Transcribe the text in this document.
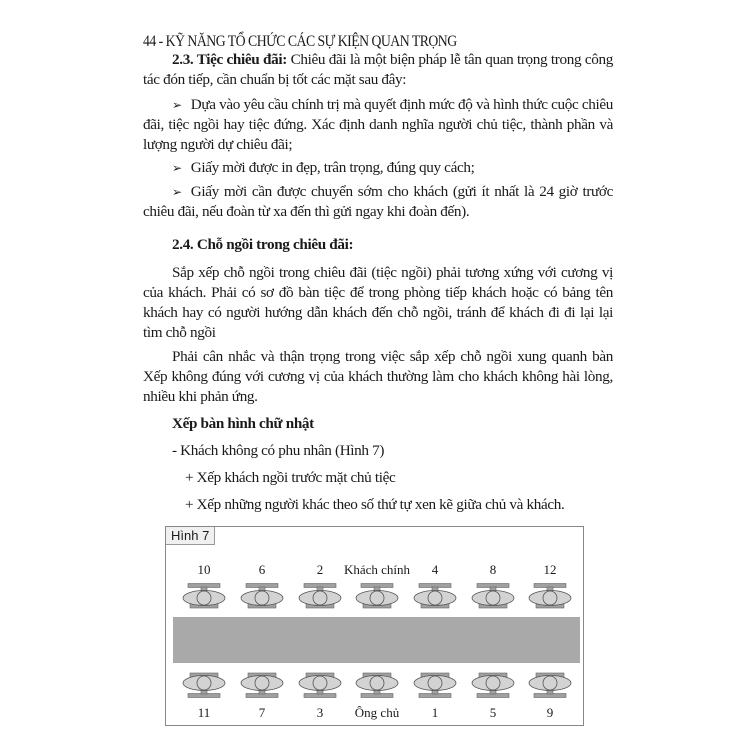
44 - KỸ NĂNG TỔ CHỨC CÁC SỰ KIỆN QUAN TRỌNG
2.3. Tiệc chiêu đãi: Chiêu đãi là một biện pháp lễ tân quan trọng trong công
tác đón tiếp, cần chuẩn bị tốt các mặt sau đây:
➢ Dựa vào yêu cầu chính trị mà quyết định mức độ và hình thức cuộc chiêu
đãi, tiệc ngồi hay tiệc đứng. Xác định danh nghĩa người chủ tiệc, thành phần và
lượng người dự chiêu đãi;
➢ Giấy mời được in đẹp, trân trọng, đúng quy cách;
➢ Giấy mời cần được chuyển sớm cho khách (gửi ít nhất là 24 giờ trước
chiêu đãi, nếu đoàn từ xa đến thì gửi ngay khi đoàn đến).
2.4. Chỗ ngồi trong chiêu đãi:
Sắp xếp chỗ ngồi trong chiêu đãi (tiệc ngồi) phải tương xứng với cương vị
của khách. Phải có sơ đồ bàn tiệc để trong phòng tiếp khách hoặc có bảng tên
khách hay có người hướng dẫn khách đến chỗ ngồi, tránh để khách đi đi lại lại
tìm chỗ ngồi
Phải cân nhắc và thận trọng trong việc sắp xếp chỗ ngồi xung quanh bàn
Xếp không đúng với cương vị của khách thường làm cho khách không hài lòng,
nhiều khi phản ứng.
Xếp bàn hình chữ nhật
- Khách không có phu nhân (Hình 7)
+ Xếp khách ngồi trước mặt chủ tiệc
+ Xếp những người khác theo số thứ tự xen kẽ giữa chủ và khách.
Hình 7
10
11
6
7
2
3
Khách chính
Ông chủ
4
1
8
5
12
9
